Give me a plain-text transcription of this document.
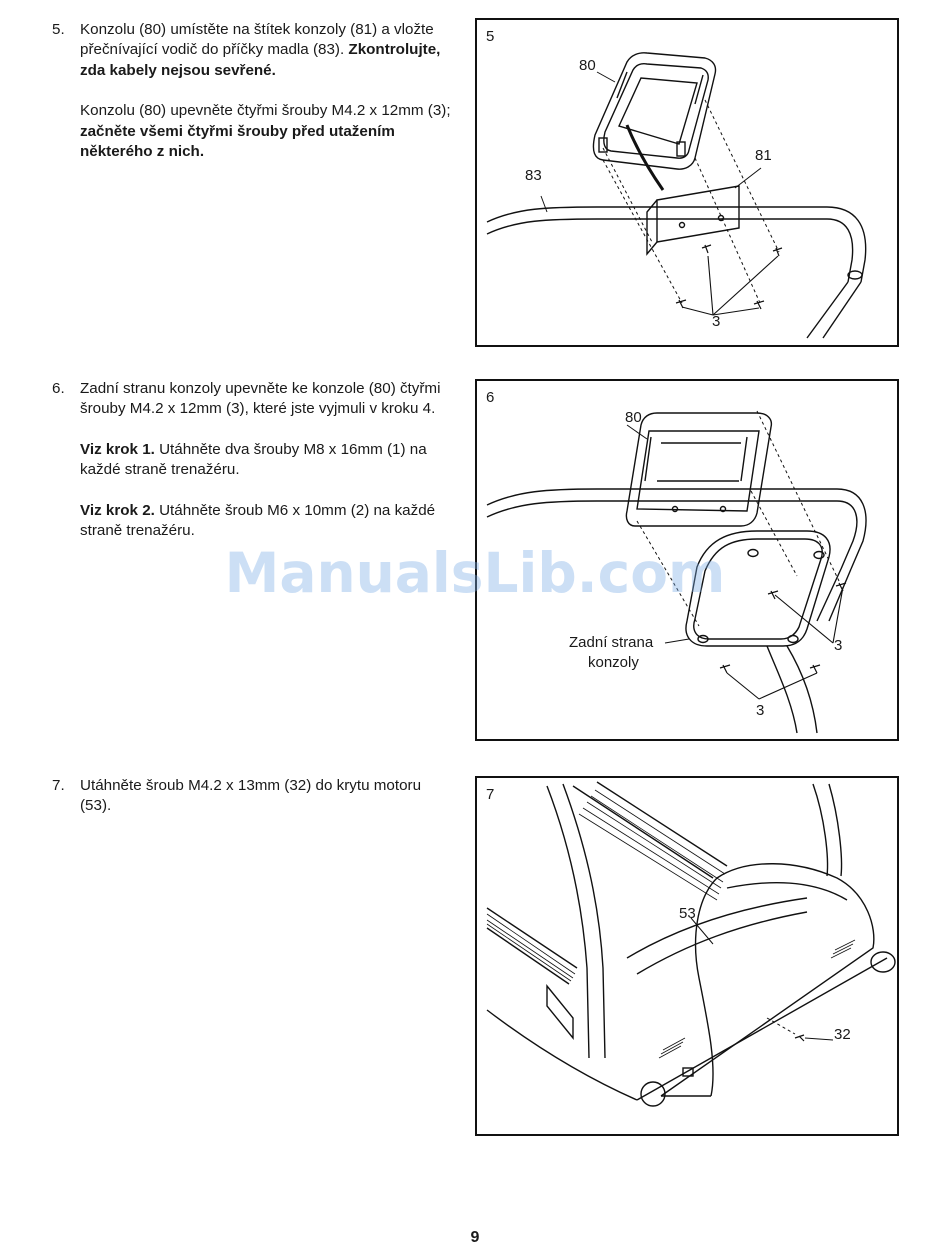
5. Konzolu (80) umístěte na štítek konzoly (81) a vložte přečnívající vodič do příčky madla (83). Zkontrolujte, zda kabely nejsou sevřené.

Konzolu (80) upevněte čtyřmi šrouby M4.2 x 12mm (3); začněte všemi čtyřmi šrouby před utažením některého z nich.

6. Zadní stranu konzoly upevněte ke konzole (80) čtyřmi šrouby M4.2 x 12mm (3), které jste vyjmuli v kroku 4.

Viz krok 1. Utáhněte dva šrouby M8 x 16mm (1) na každé straně trenažéru.

Viz krok 2. Utáhněte šroub M6 x 10mm (2) na každé straně trenažéru.

7. Utáhněte šroub M4.2 x 13mm (32) do krytu motoru (53).

5
80
81
83
3
6
80
Zadní strana
konzoly
3
3
7
53
32
ManualsLib.com
9
